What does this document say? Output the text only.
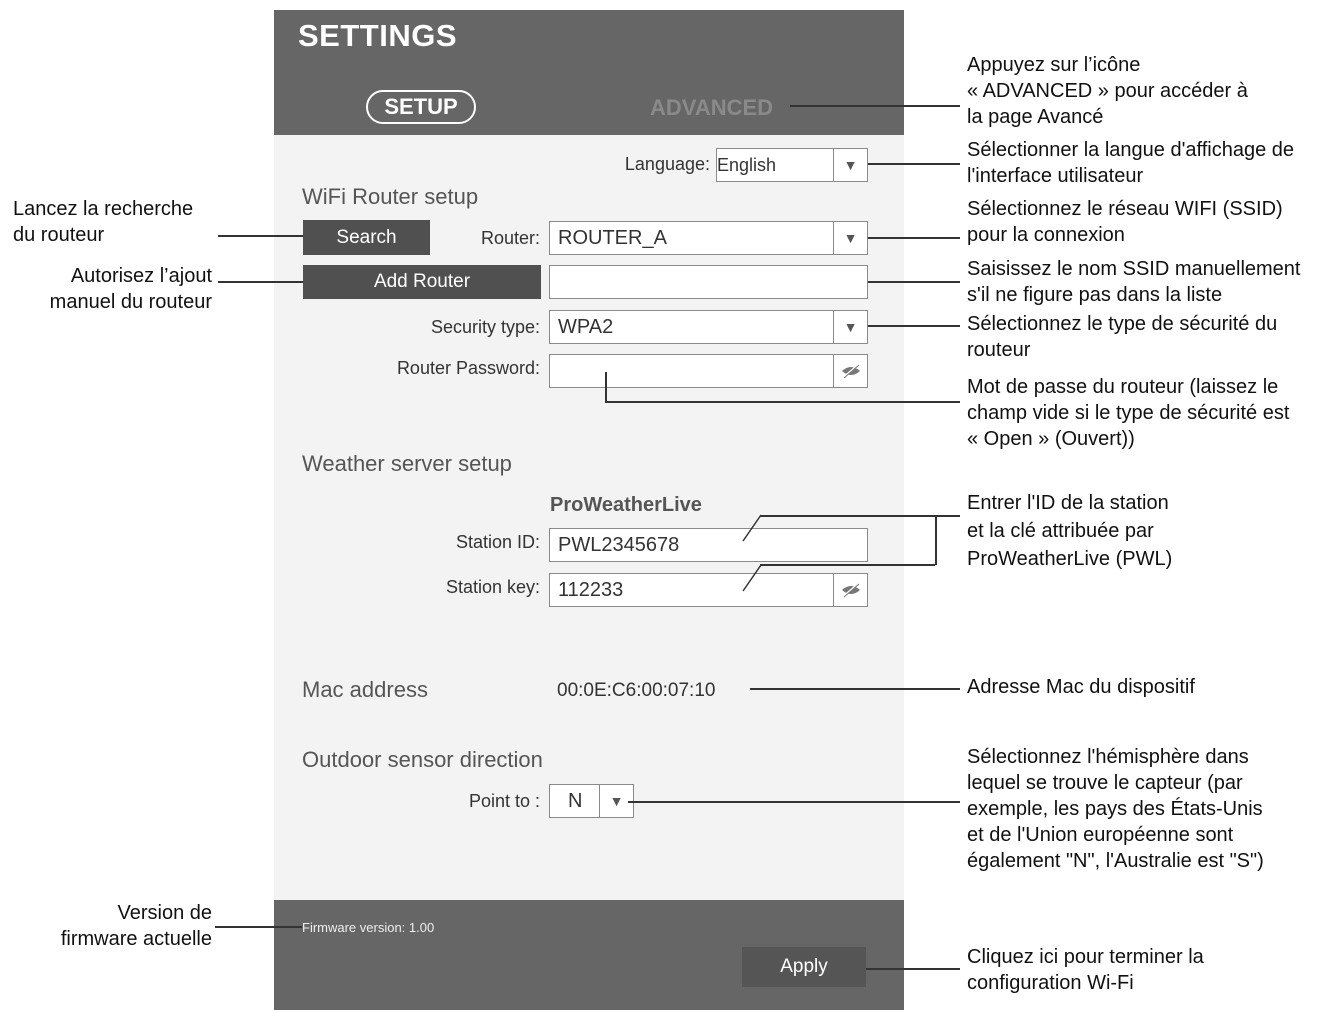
SETTINGS
SETUP	ADVANCED
Language: English	▼
WiFi Router setup
Search	Router: ROUTER_A	▼
Add Router
Security type: WPA2	▼
Router Password:
Weather server setup
ProWeatherLive
Station ID: PWL2345678
Station key: 112233
Mac address	00:0E:C6:00:07:10
Outdoor sensor direction
Point to :	N	▼
Firmware version: 1.00
Apply
Appuyez sur l’icône
« ADVANCED » pour accéder à
la page Avancé
Sélectionner la langue d'affichage de
l'interface utilisateur
Sélectionnez le réseau WIFI (SSID)
pour la connexion
Saisissez le nom SSID manuellement
s'il ne figure pas dans la liste
Sélectionnez le type de sécurité du
routeur
Mot de passe du routeur (laissez le
champ vide si le type de sécurité est
« Open » (Ouvert))
Entrer l'ID de la station
et la clé attribuée par
ProWeatherLive (PWL)
Adresse Mac du dispositif
Sélectionnez l'hémisphère dans
lequel se trouve le capteur (par
exemple, les pays des États-Unis
et de l'Union européenne sont
également "N", l'Australie est "S")
Cliquez ici pour terminer la
configuration Wi-Fi
Lancez la recherche
du routeur
Autorisez l’ajout
manuel du routeur
Version de
firmware actuelle
